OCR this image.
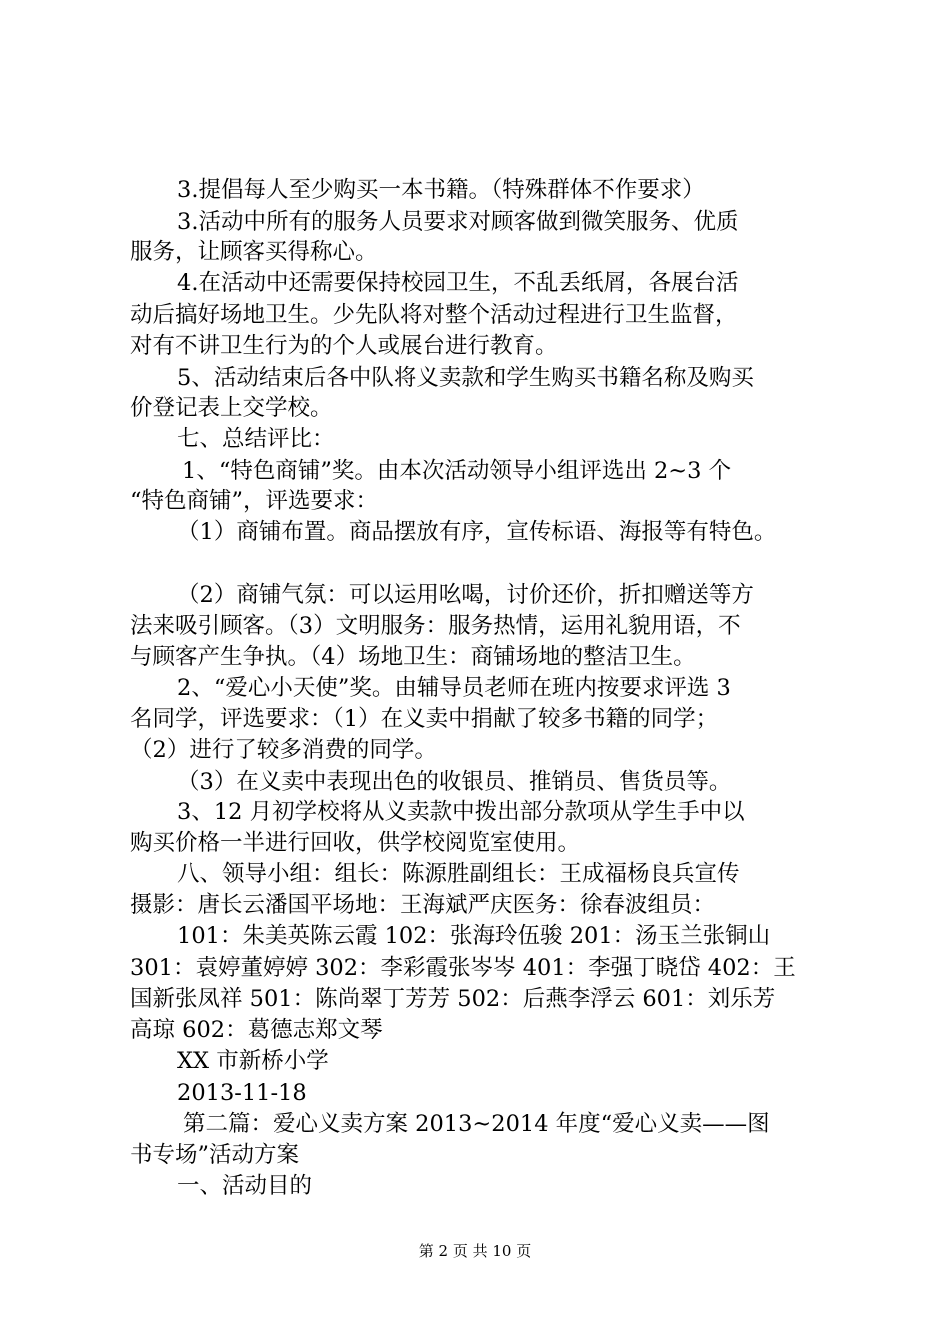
3.提倡每人至少购买一本书籍。（特殊群体不作要求）
3.活动中所有的服务人员要求对顾客做到微笑服务、优质
服务，让顾客买得称心。
4.在活动中还需要保持校园卫生，不乱丢纸屑，各展台活
动后搞好场地卫生。少先队将对整个活动过程进行卫生监督，
对有不讲卫生行为的个人或展台进行教育。
5、活动结束后各中队将义卖款和学生购买书籍名称及购买
价登记表上交学校。
七、总结评比：
1、“特色商铺”奖。由本次活动领导小组评选出 2~3 个
“特色商铺”，评选要求：
（1）商铺布置。商品摆放有序，宣传标语、海报等有特色。
（2）商铺气氛：可以运用吆喝，讨价还价，折扣赠送等方
法来吸引顾客。（3）文明服务：服务热情，运用礼貌用语，不
与顾客产生争执。（4）场地卫生：商铺场地的整洁卫生。
2、“爱心小天使”奖。由辅导员老师在班内按要求评选 3
名同学，评选要求：（1）在义卖中捐献了较多书籍的同学；
（2）进行了较多消费的同学。
（3）在义卖中表现出色的收银员、推销员、售货员等。
3、12 月初学校将从义卖款中拨出部分款项从学生手中以
购买价格一半进行回收，供学校阅览室使用。
八、领导小组：组长：陈源胜副组长：王成福杨良兵宣传
摄影：唐长云潘国平场地：王海斌严庆医务：徐春波组员：
101：朱美英陈云霞 102：张海玲伍骏 201：汤玉兰张铜山
301：袁婷董婷婷 302：李彩霞张岑岑 401：李强丁晓岱 402：王
国新张凤祥 501：陈尚翠丁芳芳 502：后燕李浮云 601：刘乐芳
高琼 602：葛德志郑文琴
XX 市新桥小学
2013-11-18
第二篇：爱心义卖方案 2013~2014 年度“爱心义卖——图
书专场”活动方案
一、活动目的
第 2 页 共 10 页
